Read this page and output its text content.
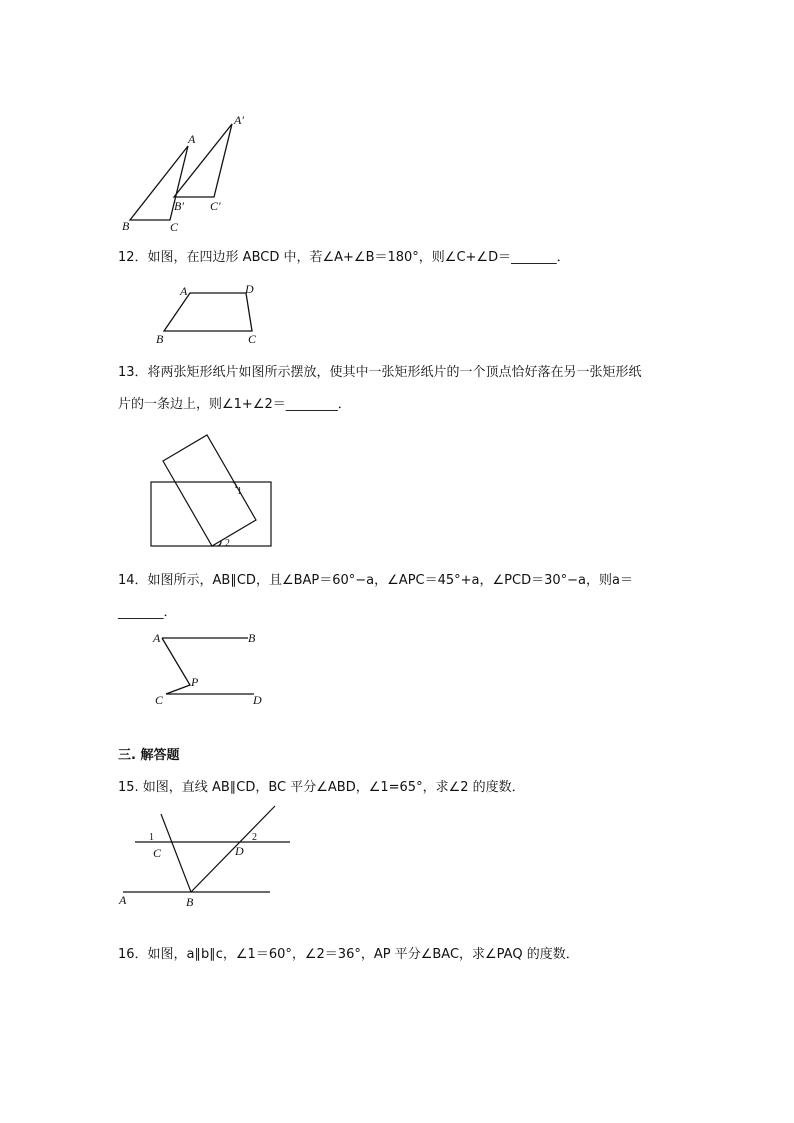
A
B	C
A′
B′ C′
12．如图，在四边形 ABCD 中，若∠A+∠B＝180°，则∠C+∠D＝_______．
A	D
B	C
13．将两张矩形纸片如图所示摆放，使其中一张矩形纸片的一个顶点恰好落在另一张矩形纸
片的一条边上，则∠1+∠2＝________．
1
2
14．如图所示，AB∥CD，且∠BAP＝60°−a，∠APC＝45°+a，∠PCD＝30°−a，则a＝
_______．
A	B
P
C	D
三. 解答题
15. 如图，直线 AB∥CD，BC 平分∠ABD，∠1=65°，求∠2 的度数．
1	2
C	D
A	B
16．如图，a∥b∥c，∠1＝60°，∠2＝36°，AP 平分∠BAC，求∠PAQ 的度数．
